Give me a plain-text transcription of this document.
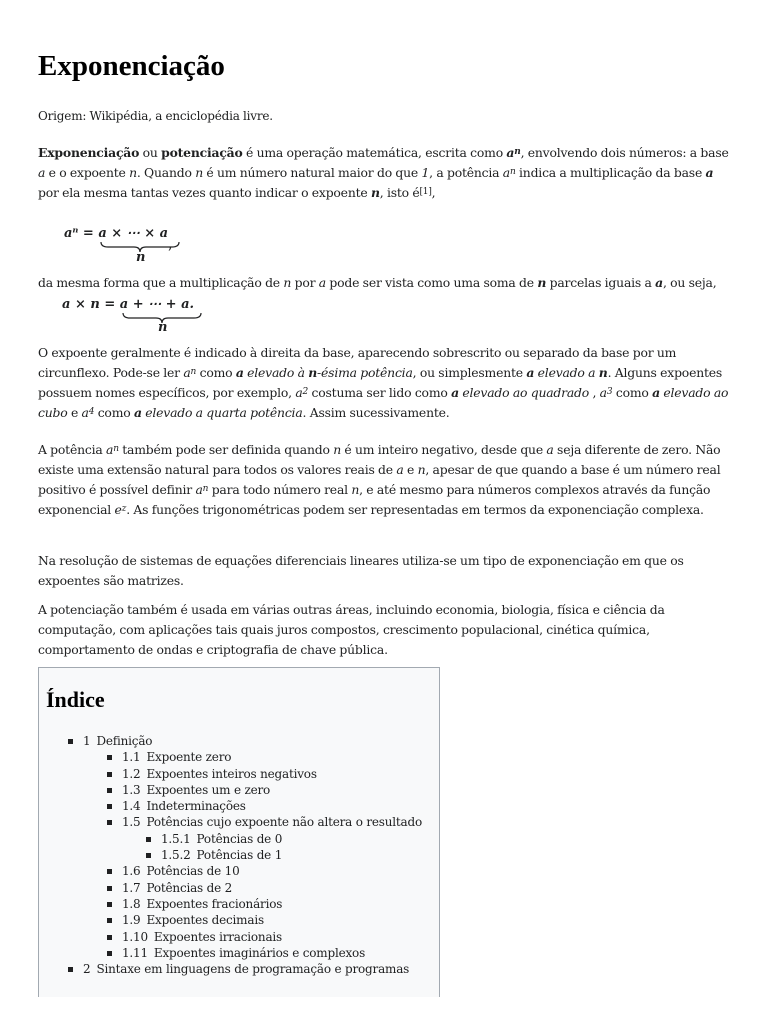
Exponenciação
Origem: Wikipédia, a enciclopédia livre.
Exponenciação ou potenciação é uma operação matemática, escrita como $a^n$, envolvendo dois números: a base a e o expoente n. Quando n é um número natural maior do que 1, a potência $a^n$ indica a multiplicação da base a por ela mesma tantas vezes quanto indicar o expoente n, isto é[1],
aⁿ = a × ⋯ × a,
n
da mesma forma que a multiplicação de n por a pode ser vista como uma soma de n parcelas iguais a a, ou seja,
a × n = a + ⋯ + a.
n
O expoente geralmente é indicado à direita da base, aparecendo sobrescrito ou separado da base por um circunflexo. Pode-se ler $a^n$ como a elevado à n-ésima potência, ou simplesmente a elevado a n. Alguns expoentes possuem nomes específicos, por exemplo, $a^2$ costuma ser lido como a elevado ao quadrado , $a^3$ como a elevado ao cubo e $a^4$ como a elevado a quarta potência. Assim sucessivamente.
A potência $a^n$ também pode ser definida quando n é um inteiro negativo, desde que a seja diferente de zero. Não existe uma extensão natural para todos os valores reais de a e n, apesar de que quando a base é um número real positivo é possível definir $a^n$ para todo número real n, e até mesmo para números complexos através da função exponencial $e^z$. As funções trigonométricas podem ser representadas em termos da exponenciação complexa.
Na resolução de sistemas de equações diferenciais lineares utiliza-se um tipo de exponenciação em que os expoentes são matrizes.
A potenciação também é usada em várias outras áreas, incluindo economia, biologia, física e ciência da computação, com aplicações tais quais juros compostos, crescimento populacional, cinética química, comportamento de ondas e criptografia de chave pública.
Índice
1 Definição
1.1 Expoente zero
1.2 Expoentes inteiros negativos
1.3 Expoentes um e zero
1.4 Indeterminações
1.5 Potências cujo expoente não altera o resultado
1.5.1 Potências de 0
1.5.2 Potências de 1
1.6 Potências de 10
1.7 Potências de 2
1.8 Expoentes fracionários
1.9 Expoentes decimais
1.10 Expoentes irracionais
1.11 Expoentes imaginários e complexos
2 Sintaxe em linguagens de programação e programas
